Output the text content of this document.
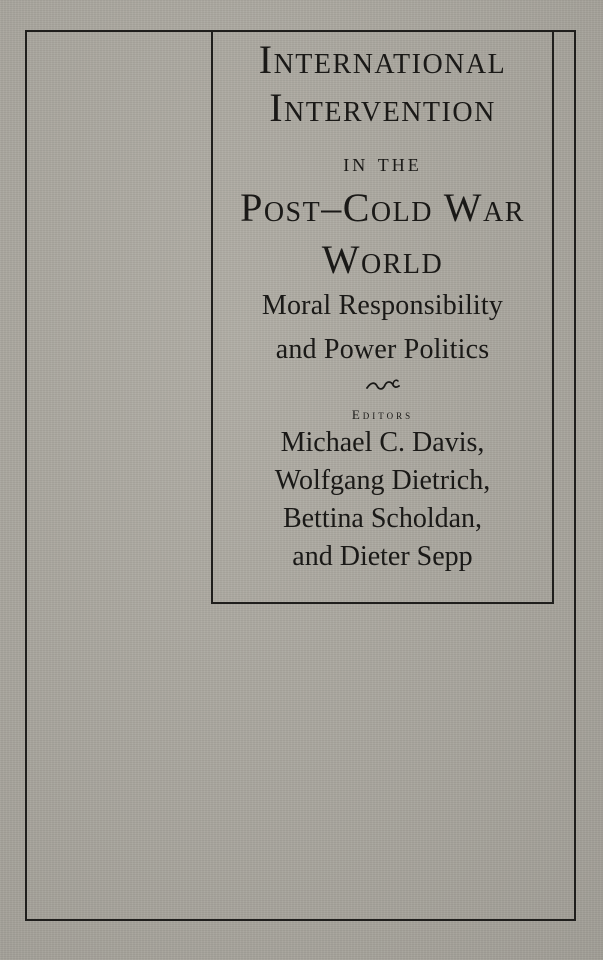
International
Intervention
in the
Post–Cold War
World
Moral Responsibility
and Power Politics
Editors
Michael C. Davis,
Wolfgang Dietrich,
Bettina Scholdan,
and Dieter Sepp
